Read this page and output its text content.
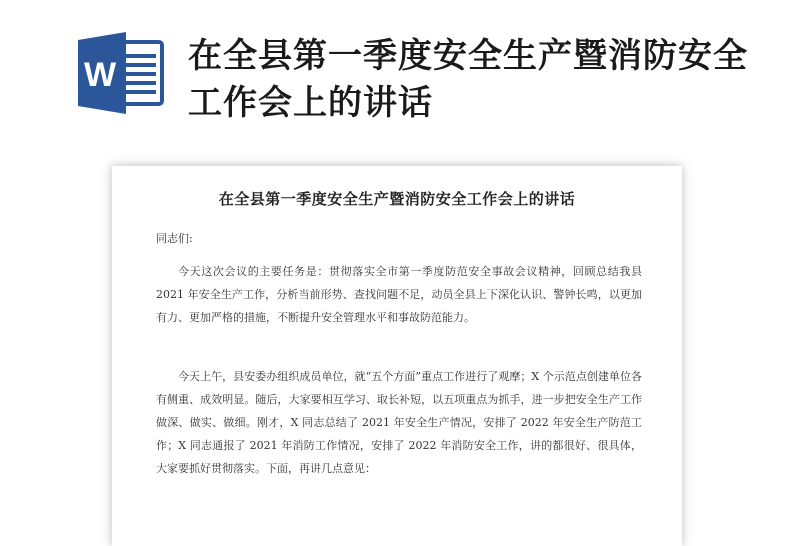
W 在全县第一季度安全生产暨消防安全工作会上的讲话
在全县第一季度安全生产暨消防安全工作会上的讲话
同志们:

今天这次会议的主要任务是：贯彻落实全市第一季度防范安全事故会议精神，回顾总结我县 2021 年安全生产工作，分析当前形势、查找问题不足，动员全县上下深化认识、警钟长鸣，以更加有力、更加严格的措施，不断提升安全管理水平和事故防范能力。

今天上午，县安委办组织成员单位，就“五个方面”重点工作进行了观摩；X 个示范点创建单位各有侧重、成效明显。随后，大家要相互学习、取长补短，以五项重点为抓手，进一步把安全生产工作做深、做实、做细。刚才，X 同志总结了 2021 年安全生产情况，安排了 2022 年安全生产防范工作；X 同志通报了 2021 年消防工作情况，安排了 2022 年消防安全工作，讲的都很好、很具体，大家要抓好贯彻落实。下面，再讲几点意见：
